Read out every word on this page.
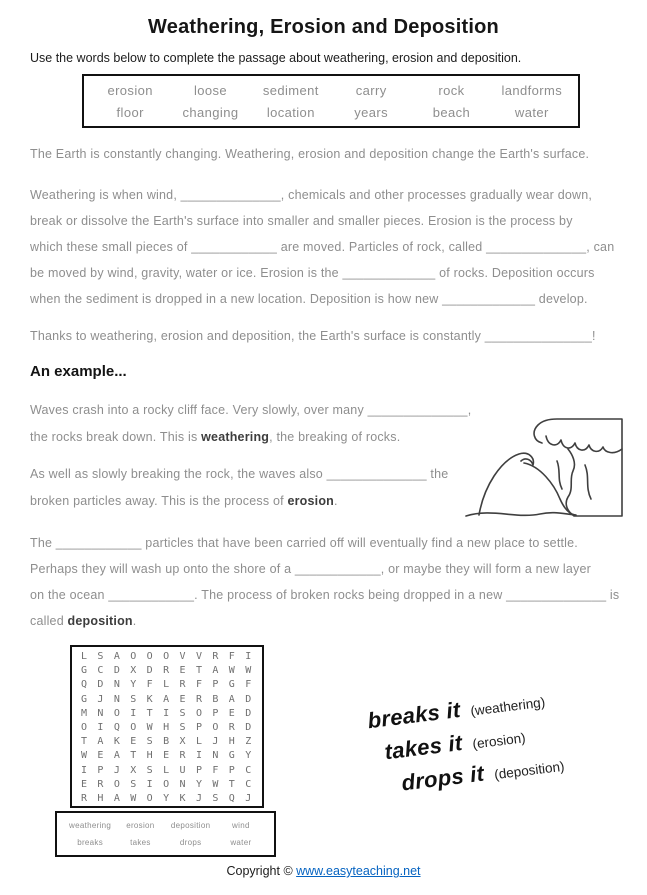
Weathering, Erosion and Deposition
Use the words below to complete the passage about weathering, erosion and deposition.
erosion	loose	sediment	carry	rock	landforms
floor	changing	location	years	beach	water
The Earth is constantly changing. Weathering, erosion and deposition change the Earth's surface.
Weathering is when wind, ______________, chemicals and other processes gradually wear down,
break or dissolve the Earth's surface into smaller and smaller pieces. Erosion is the process by
which these small pieces of ____________ are moved. Particles of rock, called ______________, can
be moved by wind, gravity, water or ice. Erosion is the _____________ of rocks. Deposition occurs
when the sediment is dropped in a new location. Deposition is how new _____________ develop.
Thanks to weathering, erosion and deposition, the Earth's surface is constantly _______________!
An example...
Waves crash into a rocky cliff face. Very slowly, over many ______________,
the rocks break down. This is weathering, the breaking of rocks.
As well as slowly breaking the rock, the waves also ______________ the
broken particles away. This is the process of erosion.
The ____________ particles that have been carried off will eventually find a new place to settle.
Perhaps they will wash up onto the shore of a ____________, or maybe they will form a new layer
on the ocean ____________. The process of broken rocks being dropped in a new ______________ is
called deposition.
LSAOOOVVRFI
GCDXDRETAWW
QDNYFLRFPGF
GJNSKAERBAD
MNOITISOPED
OIQOWHSPORD
TAKESBXLJHZ
WEATHERINGY
IPJXSLUPFPC
EROSIONYWTC
RHAWOYKJSQJ
weathering	erosion	deposition	wind
breaks	takes	drops	water
breaks it (weathering)
takes it (erosion)
drops it (deposition)
Copyright © www.easyteaching.net
